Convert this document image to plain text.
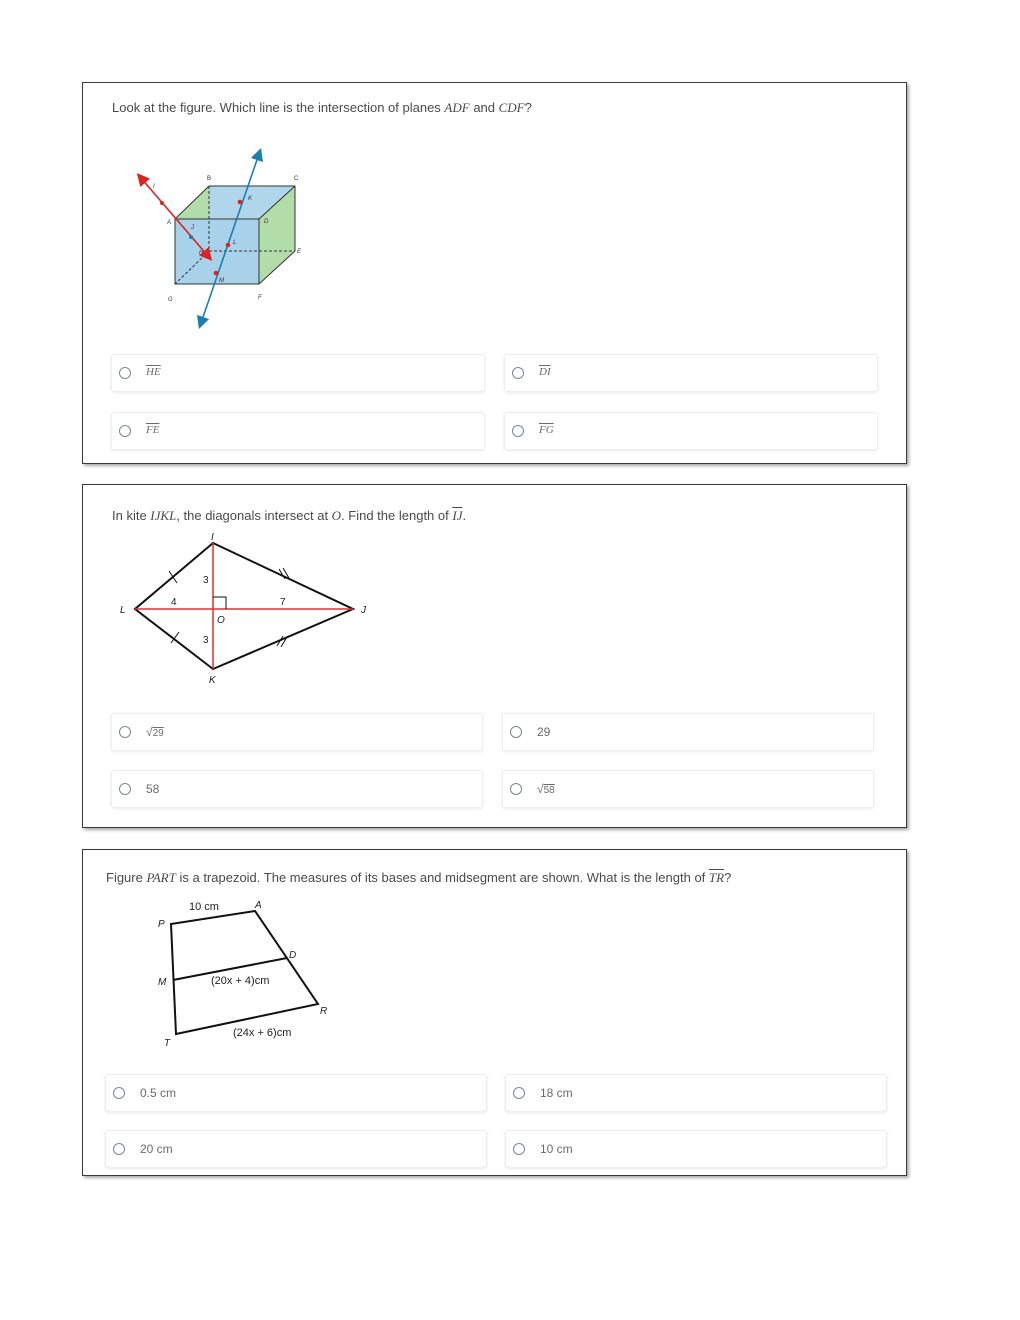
Look at the figure. Which line is the intersection of planes ADF and CDF?
B	C
K
I
A
J
D
H
L
E
M
G	F
$\overline{HE}$	$\overline{DI}$
$\overline{FE}$	$\overline{FG}$
In kite IJKL, the diagonals intersect at O. Find the length of $\overline{IJ}$.
I
J
K
L
O
4
3
3
7
√29	29
58	√58
Figure PART is a trapezoid. The measures of its bases and midsegment are shown. What is the length of $\overline{TR}$?
10 cm	A
P
D
M	(20x + 4)cm
R
T
(24x + 6)cm
0.5 cm	18 cm
20 cm	10 cm
